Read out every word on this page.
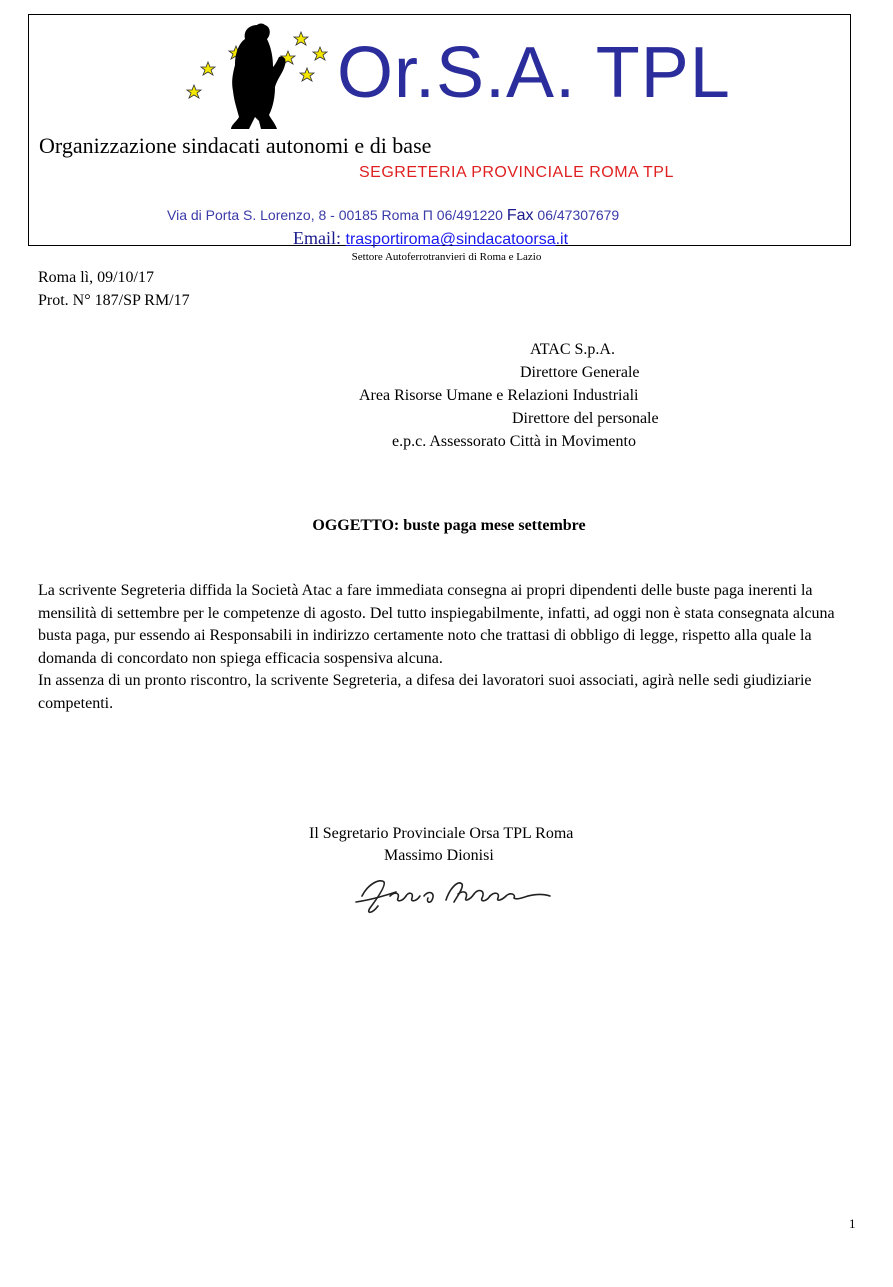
Or.S.A. TPL
Organizzazione sindacati autonomi e di base
SEGRETERIA PROVINCIALE ROMA TPL
Via di Porta S. Lorenzo, 8 - 00185 Roma Π 06/491220 Fax 06/47307679
Email: trasportiroma@sindacatoorsa.it
Settore Autoferrotranvieri di Roma e Lazio
Roma lì, 09/10/17
Prot. N° 187/SP RM/17
ATAC S.p.A.
Direttore Generale
Area Risorse Umane e Relazioni Industriali
Direttore del personale
e.p.c. Assessorato Città in Movimento
OGGETTO: buste paga mese settembre

La scrivente Segreteria diffida la Società Atac a fare immediata consegna ai propri dipendenti delle buste paga inerenti la mensilità di settembre per le competenze di agosto. Del tutto inspiegabilmente, infatti, ad oggi non è stata consegnata alcuna busta paga, pur essendo ai Responsabili in indirizzo certamente noto che trattasi di obbligo di legge, rispetto alla quale la domanda di concordato non spiega efficacia sospensiva alcuna.

In assenza di un pronto riscontro, la scrivente Segreteria, a difesa dei lavoratori suoi associati, agirà nelle sedi giudiziarie competenti.

Il Segretario Provinciale Orsa TPL Roma
Massimo Dionisi
1
